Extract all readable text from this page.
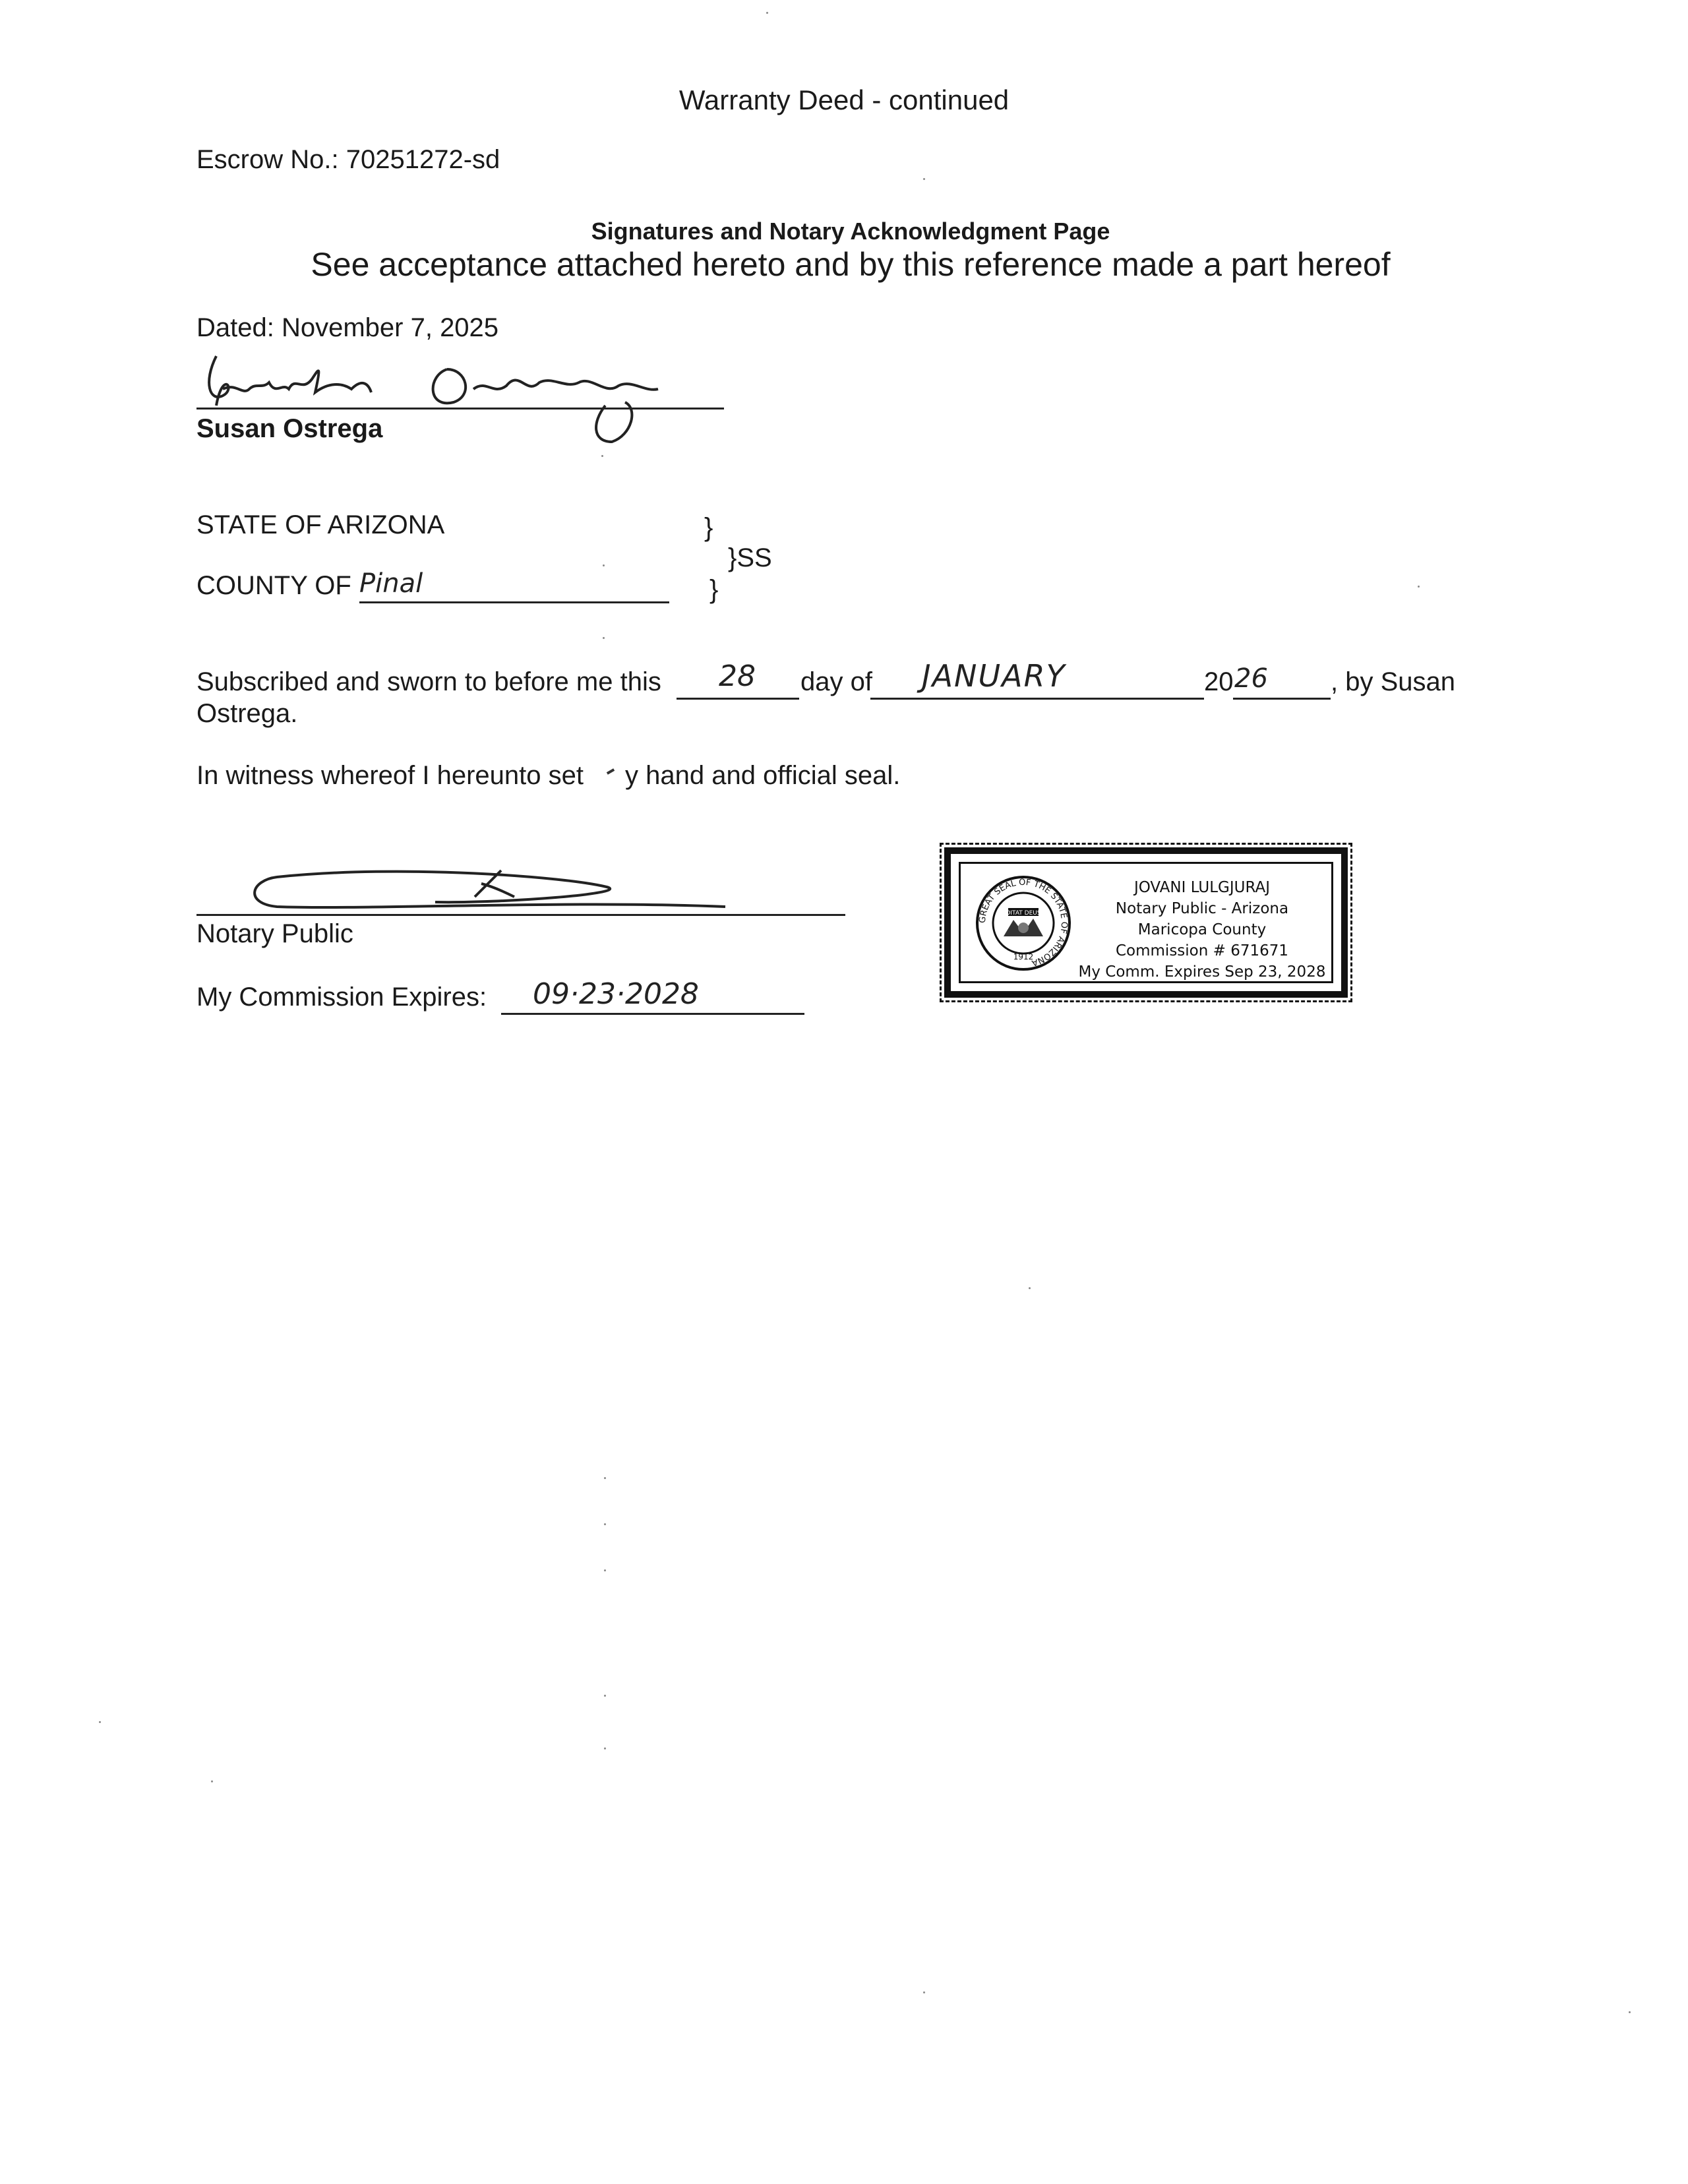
Warranty Deed - continued
Escrow No.: 70251272-sd
Signatures and Notary Acknowledgment Page
See acceptance attached hereto and by this reference made a part hereof
Dated: November 7, 2025
Susan Ostrega
STATE OF ARIZONA	}
}SS
COUNTY OF Pinal	}
Subscribed and sworn to before me this 28 day of JANUARY	20 26 , by Susan
Ostrega.
In witness whereof I hereunto set y hand and official seal.
Notary Public
My Commission Expires: 09·23·2028
GREAT SEAL OF THE STATE OF ARIZONA
DITAT DEUS
1912
JOVANI LULGJURAJ
Notary Public - Arizona
Maricopa County
Commission # 671671
My Comm. Expires Sep 23, 2028
